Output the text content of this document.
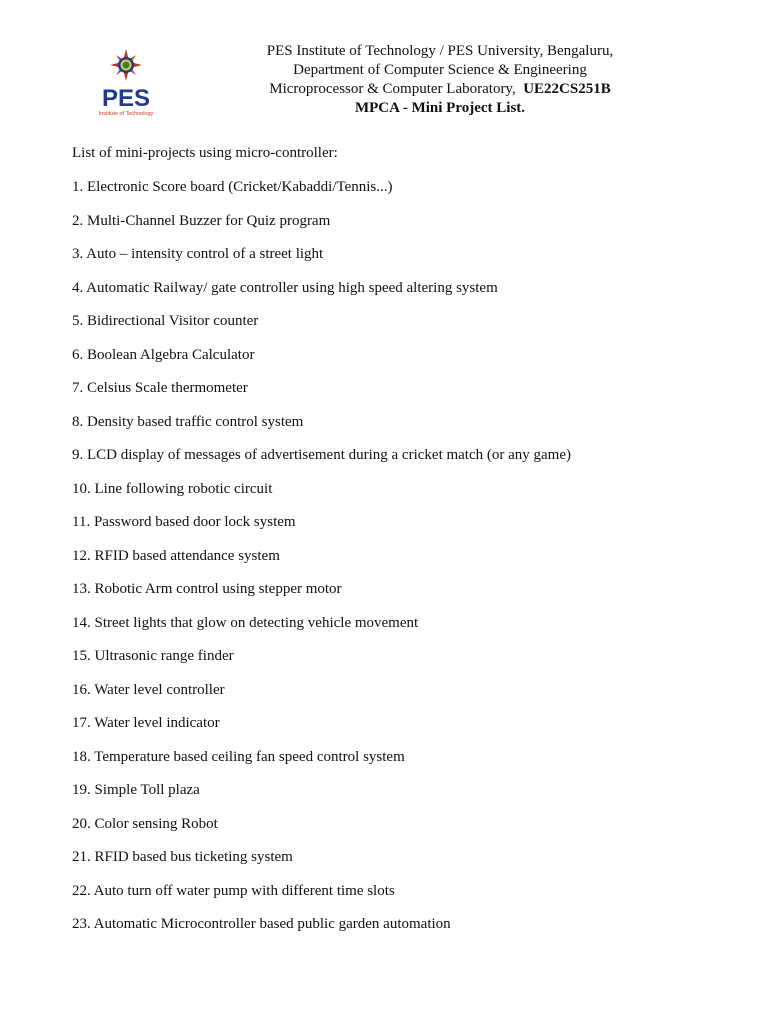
PES
Institute of Technology
PES Institute of Technology / PES University, Bengaluru,
Department of Computer Science & Engineering
Microprocessor & Computer Laboratory, UE22CS251B
MPCA - Mini Project List.
List of mini-projects using micro-controller:
1. Electronic Score board (Cricket/Kabaddi/Tennis...)
2. Multi-Channel Buzzer for Quiz program
3. Auto – intensity control of a street light
4. Automatic Railway/ gate controller using high speed altering system
5. Bidirectional Visitor counter
6. Boolean Algebra Calculator
7. Celsius Scale thermometer
8. Density based traffic control system
9. LCD display of messages of advertisement during a cricket match (or any game)
10. Line following robotic circuit
11. Password based door lock system
12. RFID based attendance system
13. Robotic Arm control using stepper motor
14. Street lights that glow on detecting vehicle movement
15. Ultrasonic range finder
16. Water level controller
17. Water level indicator
18. Temperature based ceiling fan speed control system
19. Simple Toll plaza
20. Color sensing Robot
21. RFID based bus ticketing system
22. Auto turn off water pump with different time slots
23. Automatic Microcontroller based public garden automation
